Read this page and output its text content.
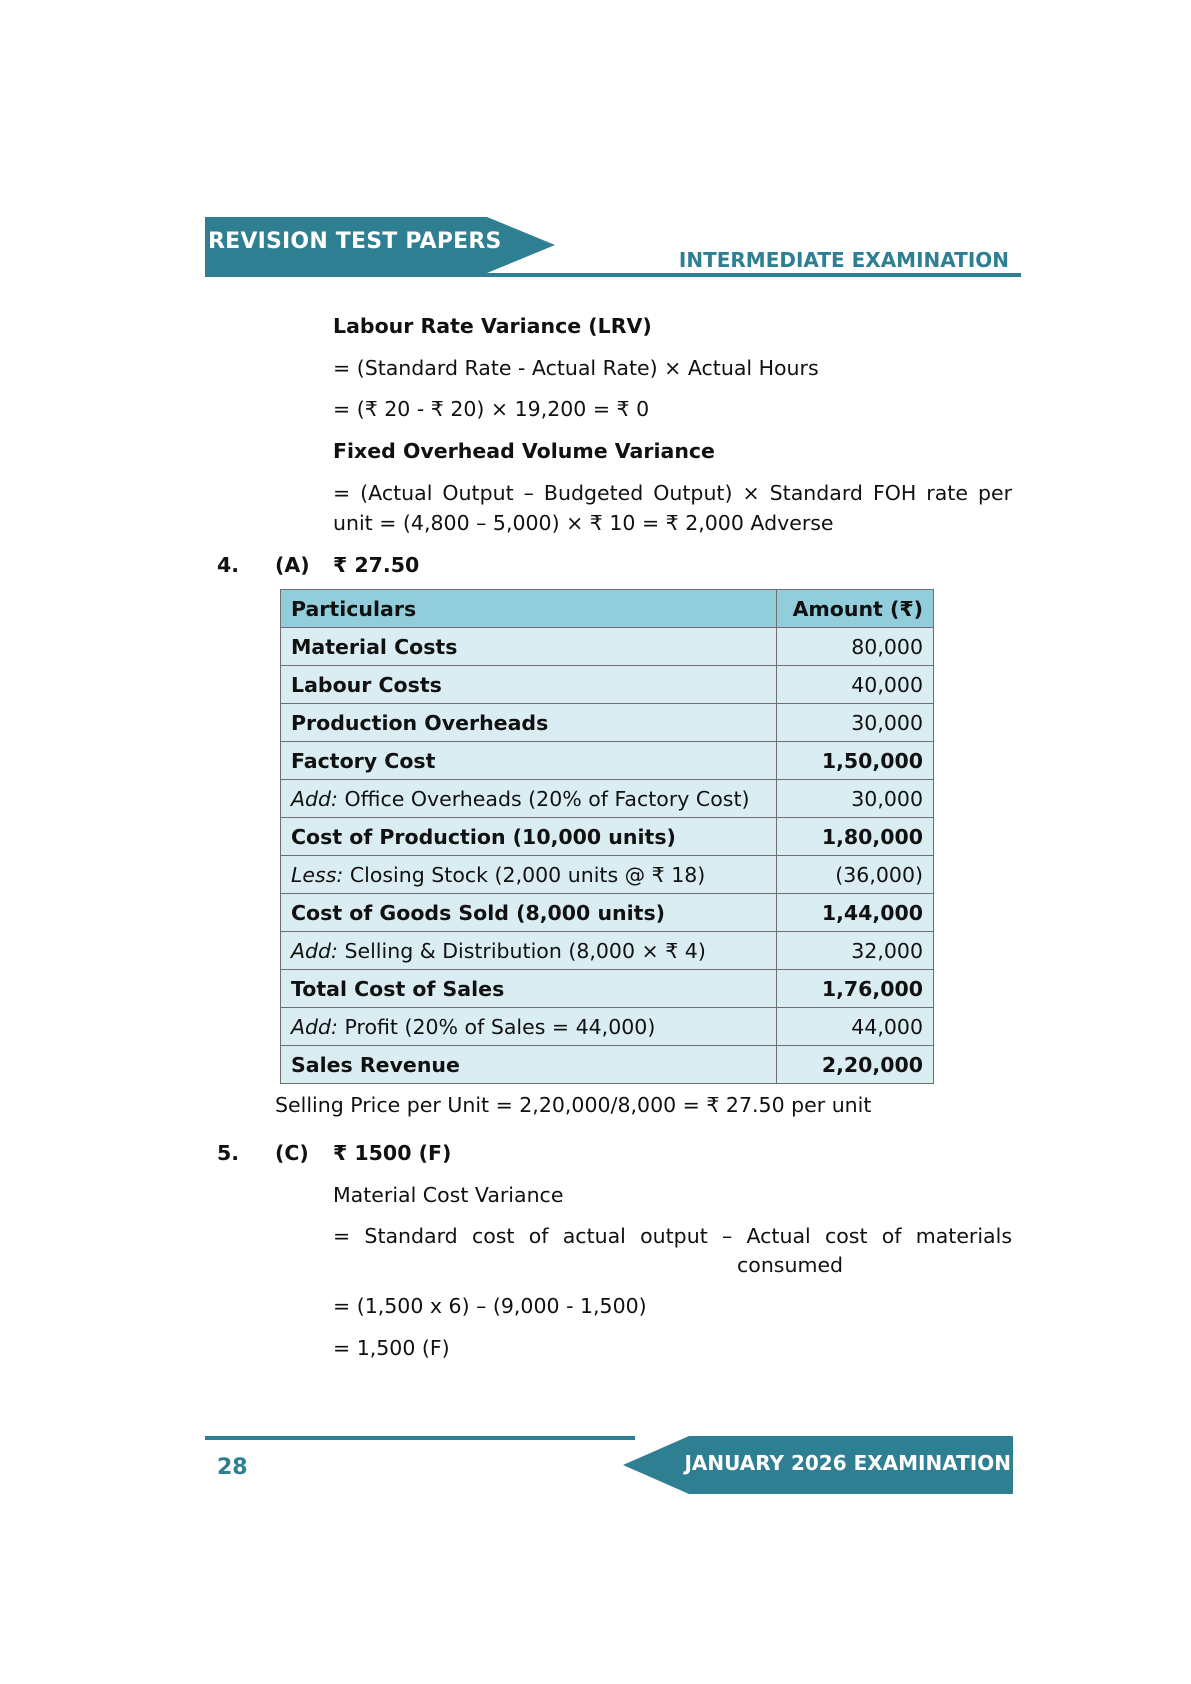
REVISION TEST PAPERS
INTERMEDIATE EXAMINATION
Labour Rate Variance (LRV)
= (Standard Rate - Actual Rate) × Actual Hours
= (₹ 20 - ₹ 20) × 19,200 = ₹ 0
Fixed Overhead Volume Variance
= (Actual Output – Budgeted Output) × Standard FOH rate per
unit = (4,800 – 5,000) × ₹ 10 = ₹ 2,000 Adverse
4. (A) ₹ 27.50
Particulars	Amount (₹)
Material Costs	80,000
Labour Costs	40,000
Production Overheads	30,000
Factory Cost	1,50,000
Add: Office Overheads (20% of Factory Cost)	30,000
Cost of Production (10,000 units)	1,80,000
Less: Closing Stock (2,000 units @ ₹ 18)	(36,000)
Cost of Goods Sold (8,000 units)	1,44,000
Add: Selling & Distribution (8,000 × ₹ 4)	32,000
Total Cost of Sales	1,76,000
Add: Profit (20% of Sales = 44,000)	44,000
Sales Revenue	2,20,000
Selling Price per Unit = 2,20,000/8,000 = ₹ 27.50 per unit
5. (C) ₹ 1500 (F)
Material Cost Variance
= Standard cost of actual output – Actual cost of materials
consumed
= (1,500 x 6) – (9,000 - 1,500)
= 1,500 (F)
JANUARY 2026 EXAMINATION
28
